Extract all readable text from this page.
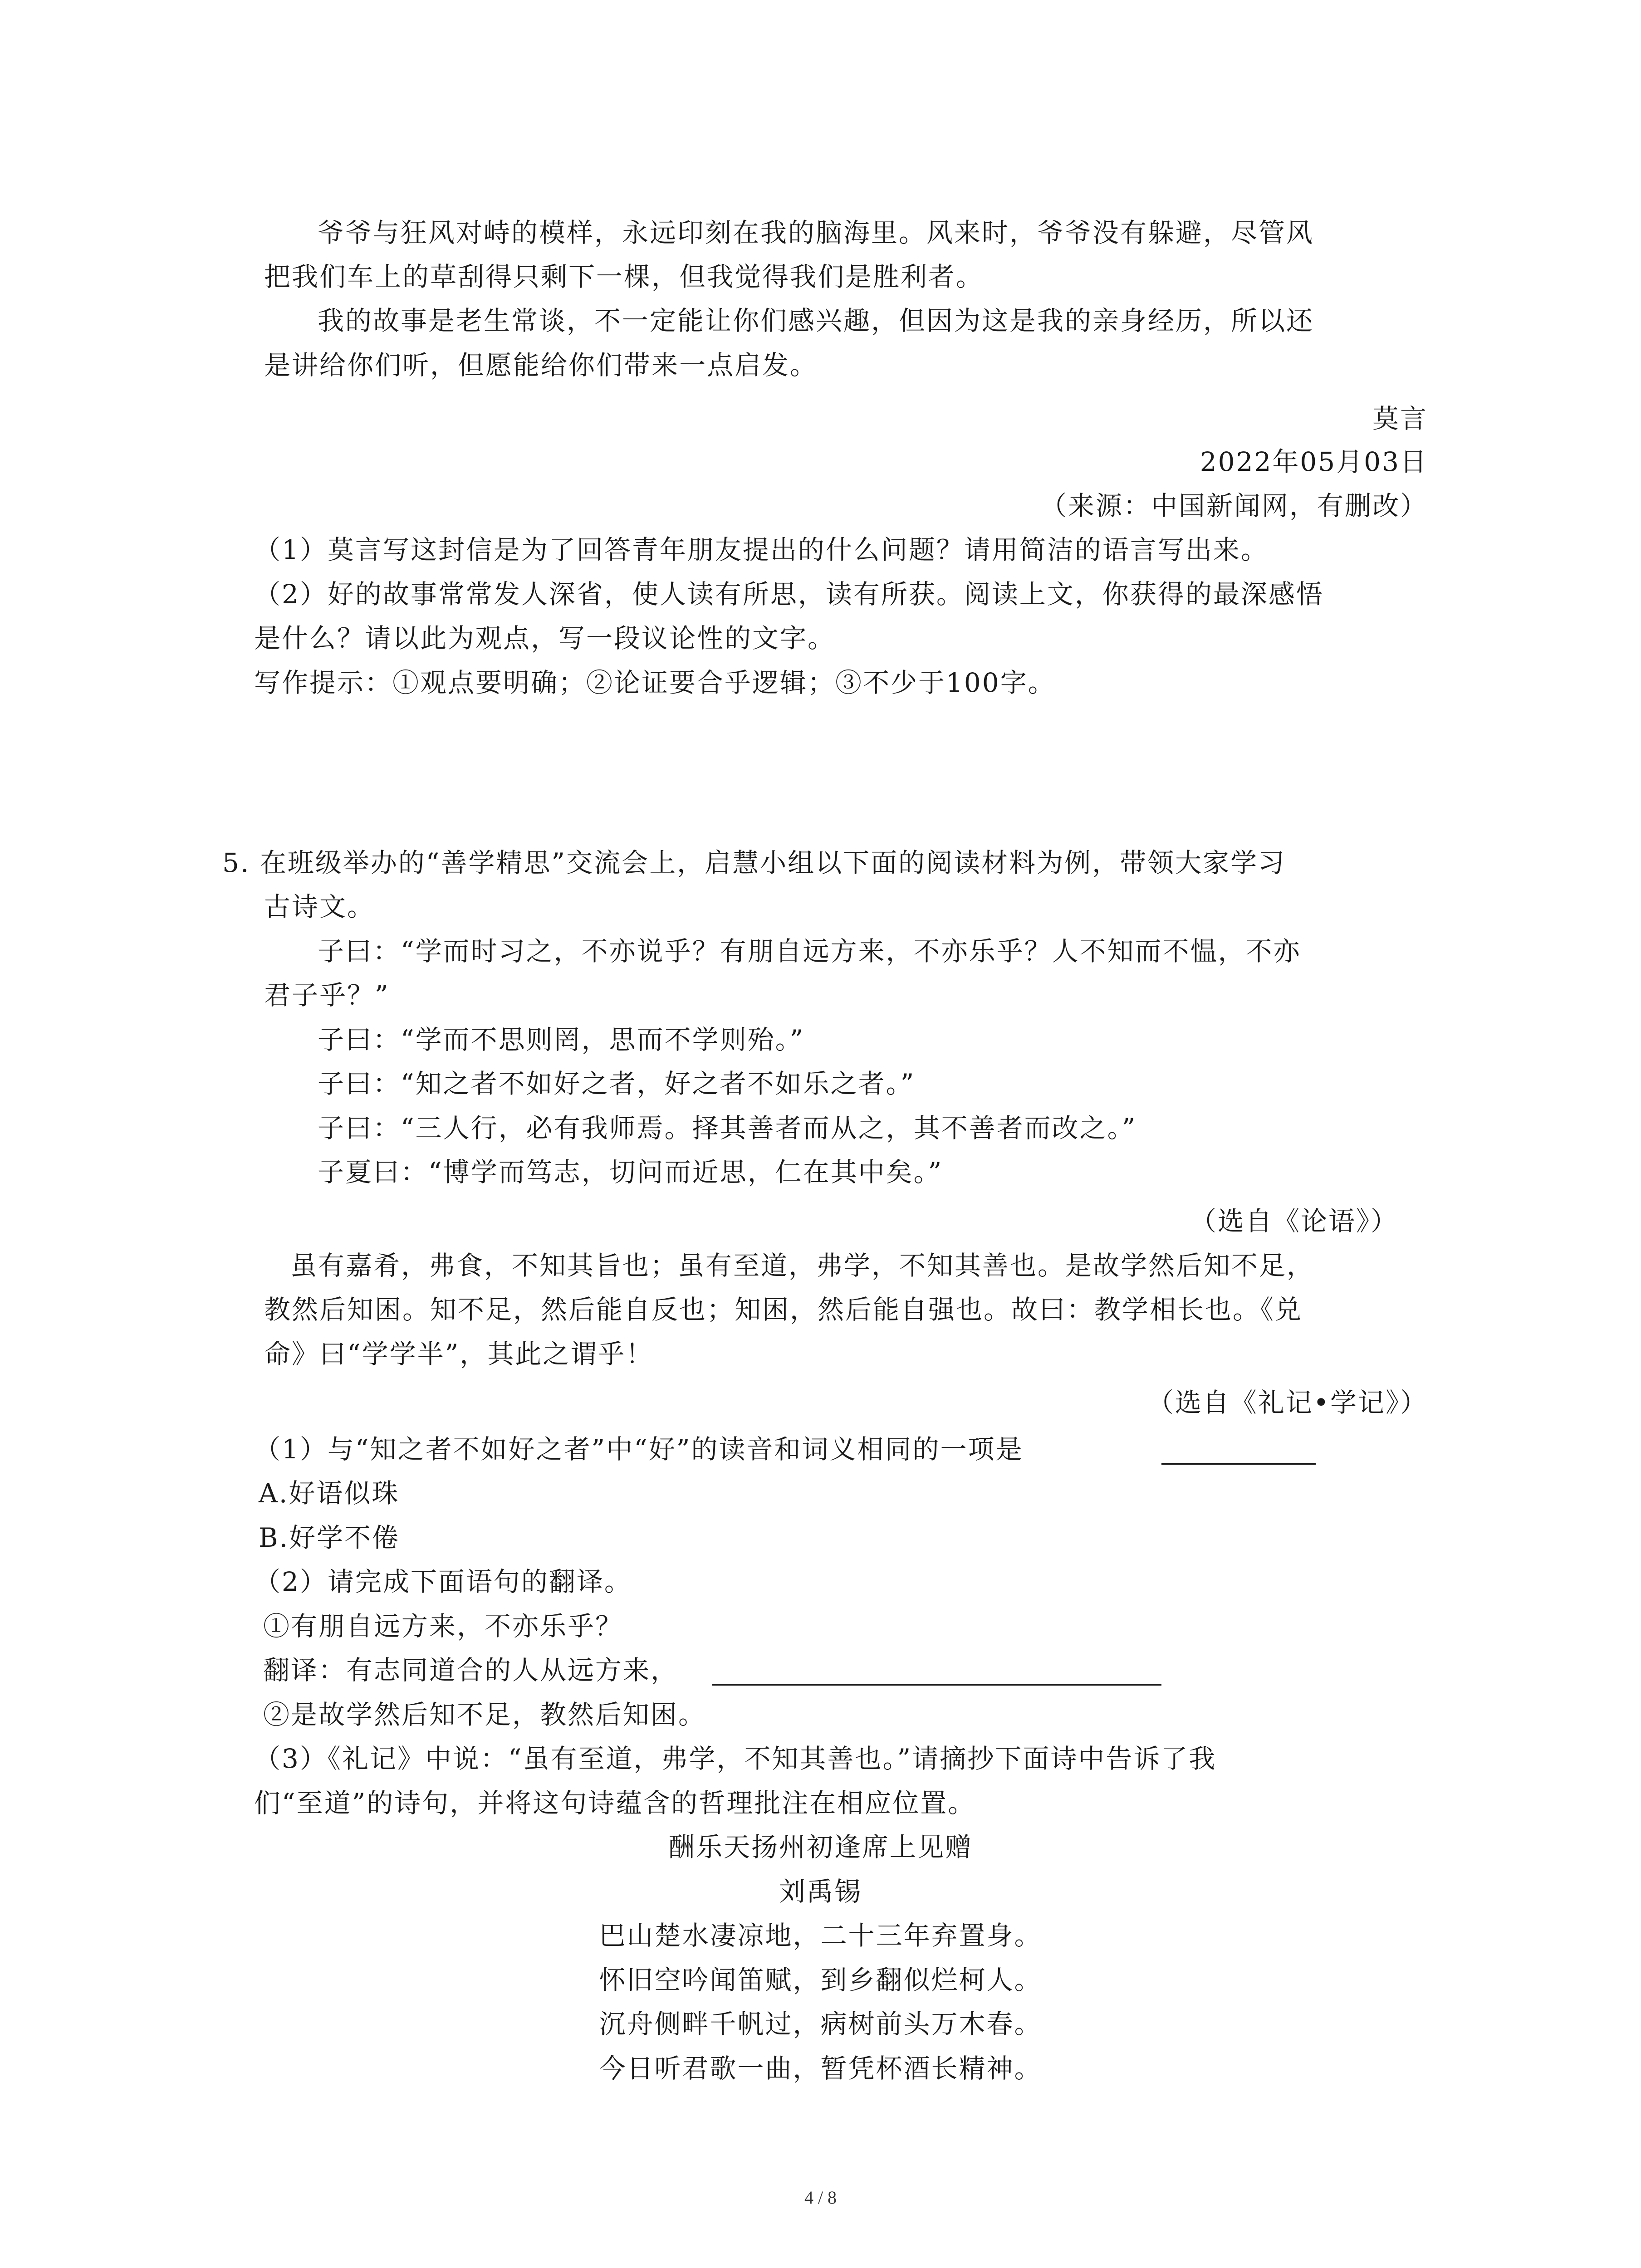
爷爷与狂风对峙的模样，永远印刻在我的脑海里。风来时，爷爷没有躲避，尽管风
把我们车上的草刮得只剩下一棵，但我觉得我们是胜利者。
我的故事是老生常谈，不一定能让你们感兴趣，但因为这是我的亲身经历，所以还
是讲给你们听，但愿能给你们带来一点启发。
莫言
2022年05月03日
（来源：中国新闻网，有删改）
（1）莫言写这封信是为了回答青年朋友提出的什么问题？请用简洁的语言写出来。
（2）好的故事常常发人深省，使人读有所思，读有所获。阅读上文，你获得的最深感悟
是什么？请以此为观点，写一段议论性的文字。
写作提示：①观点要明确；②论证要合乎逻辑；③不少于100字。
5. 在班级举办的“善学精思”交流会上，启慧小组以下面的阅读材料为例，带领大家学习
古诗文。
子曰：“学而时习之，不亦说乎？有朋自远方来，不亦乐乎？人不知而不愠，不亦
君子乎？”
子曰：“学而不思则罔，思而不学则殆。”
子曰：“知之者不如好之者，好之者不如乐之者。”
子曰：“三人行，必有我师焉。择其善者而从之，其不善者而改之。”
子夏曰：“博学而笃志，切问而近思，仁在其中矣。”
（选自《论语》）
虽有嘉肴，弗食，不知其旨也；虽有至道，弗学，不知其善也。是故学然后知不足，
教然后知困。知不足，然后能自反也；知困，然后能自强也。故曰：教学相长也。《兑
命》曰“学学半”，其此之谓乎！
（选自《礼记•学记》）
（1）与“知之者不如好之者”中“好”的读音和词义相同的一项是
A.好语似珠
B.好学不倦
（2）请完成下面语句的翻译。
①有朋自远方来，不亦乐乎？
翻译：有志同道合的人从远方来，
②是故学然后知不足，教然后知困。
（3）《礼记》中说：“虽有至道，弗学，不知其善也。”请摘抄下面诗中告诉了我
们“至道”的诗句，并将这句诗蕴含的哲理批注在相应位置。
酬乐天扬州初逢席上见赠
刘禹锡
巴山楚水凄凉地，二十三年弃置身。
怀旧空吟闻笛赋，到乡翻似烂柯人。
沉舟侧畔千帆过，病树前头万木春。
今日听君歌一曲，暂凭杯酒长精神。
4 / 8
